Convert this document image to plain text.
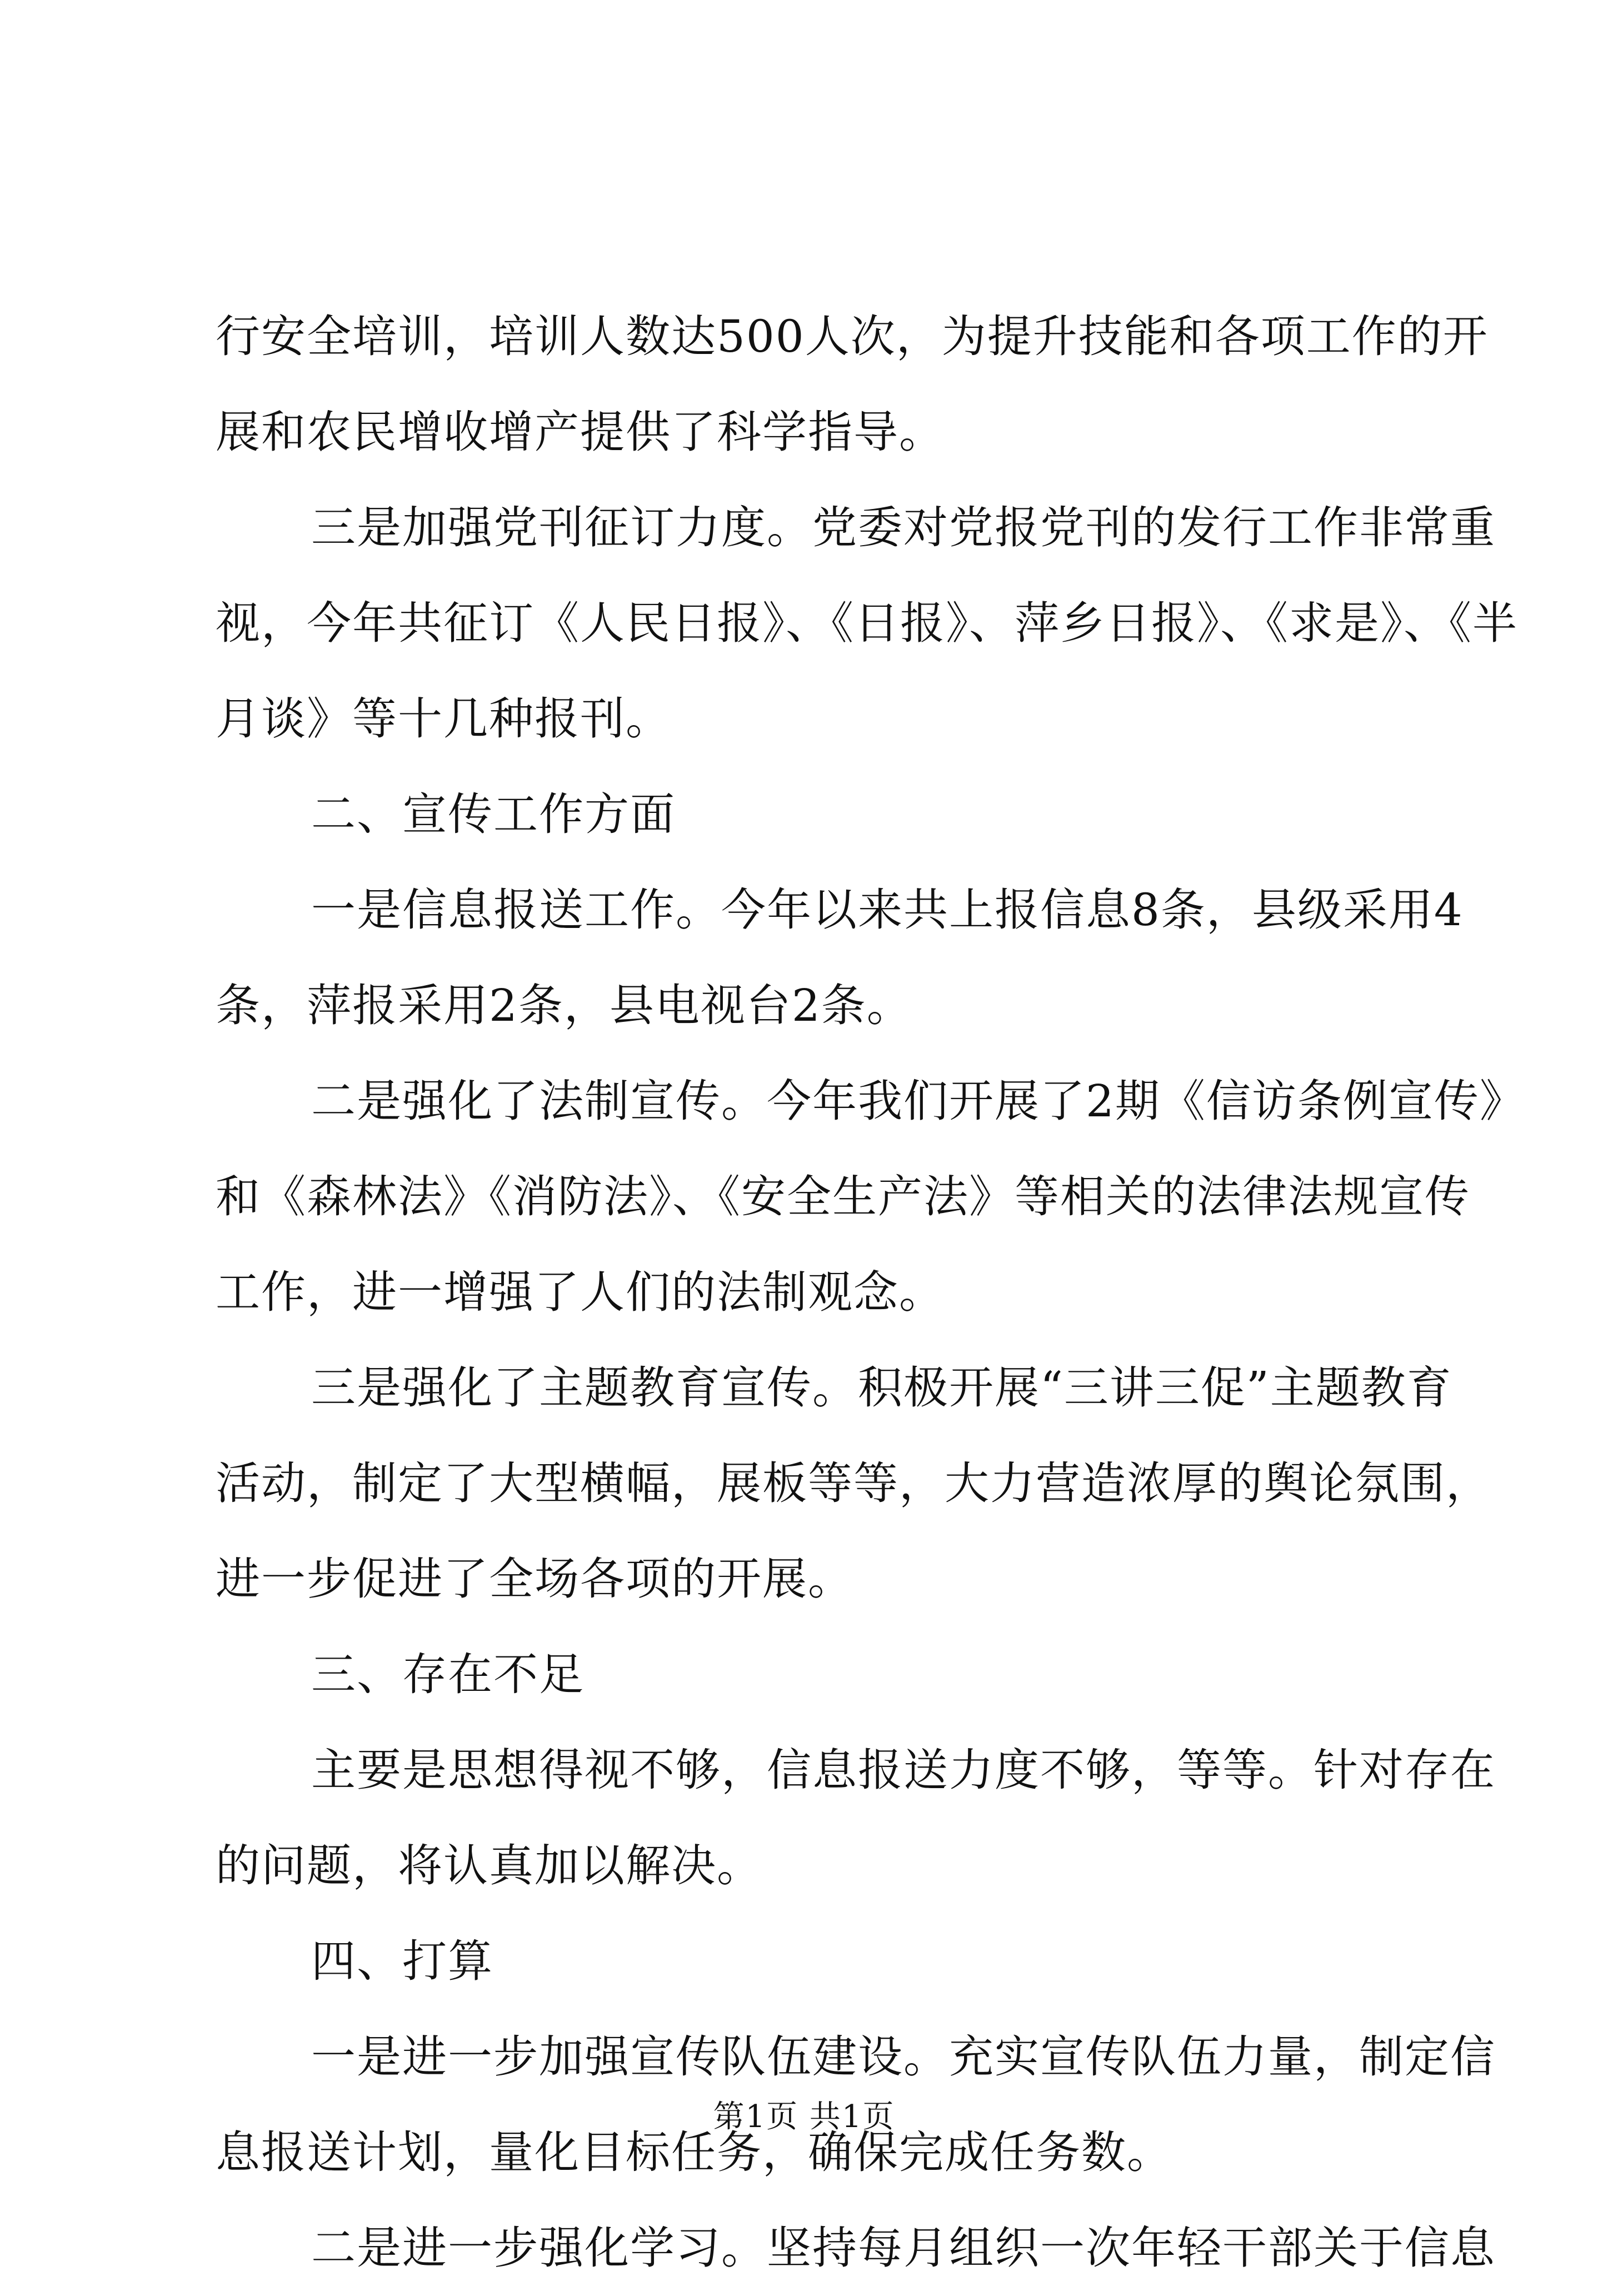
行安全培训，培训人数达500人次，为提升技能和各项工作的开
展和农民增收增产提供了科学指导。
三是加强党刊征订力度。党委对党报党刊的发行工作非常重
视，今年共征订《人民日报》、《日报》、萍乡日报》、《求是》、《半
月谈》等十几种报刊。
二、宣传工作方面
一是信息报送工作。今年以来共上报信息8条，县级采用4
条，萍报采用2条，县电视台2条。
二是强化了法制宣传。今年我们开展了2期《信访条例宣传》
和《森林法》《消防法》、《安全生产法》等相关的法律法规宣传
工作，进一增强了人们的法制观念。
三是强化了主题教育宣传。积极开展“三讲三促”主题教育
活动，制定了大型横幅，展板等等，大力营造浓厚的舆论氛围，
进一步促进了全场各项的开展。
三、存在不足
主要是思想得视不够，信息报送力度不够，等等。针对存在
的问题，将认真加以解决。
四、打算
一是进一步加强宣传队伍建设。充实宣传队伍力量，制定信
息报送计划，量化目标任务，确保完成任务数。
二是进一步强化学习。坚持每月组织一次年轻干部关于信息
第1页 共1页
